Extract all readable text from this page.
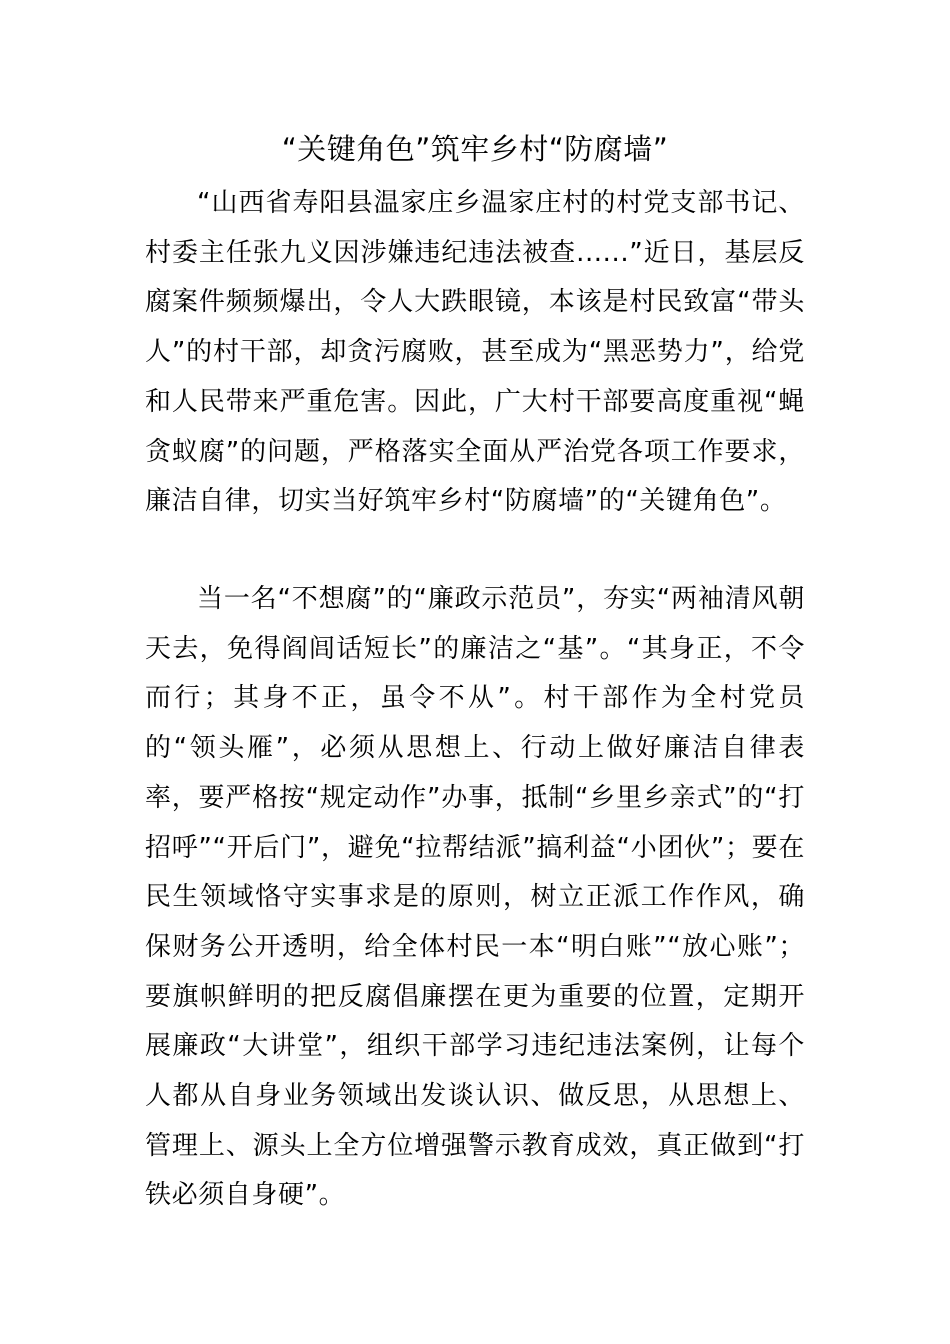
“关键角色”筑牢乡村“防腐墙”

“山西省寿阳县温家庄乡温家庄村的村党支部书记、村委主任张九义因涉嫌违纪违法被查......”近日，基层反腐案件频频爆出，令人大跌眼镜，本该是村民致富“带头人”的村干部，却贪污腐败，甚至成为“黑恶势力”，给党和人民带来严重危害。因此，广大村干部要高度重视“蝇贪蚁腐”的问题，严格落实全面从严治党各项工作要求，廉洁自律，切实当好筑牢乡村“防腐墙”的“关键角色”。

当一名“不想腐”的“廉政示范员”，夯实“两袖清风朝天去，免得阎闾话短长”的廉洁之“基”。“其身正，不令而行；其身不正，虽令不从”。村干部作为全村党员的“领头雁”，必须从思想上、行动上做好廉洁自律表率，要严格按“规定动作”办事，抵制“乡里乡亲式”的“打招呼”“开后门”，避免“拉帮结派”搞利益“小团伙”；要在民生领域恪守实事求是的原则，树立正派工作作风，确保财务公开透明，给全体村民一本“明白账”“放心账”；要旗帜鲜明的把反腐倡廉摆在更为重要的位置，定期开展廉政“大讲堂”，组织干部学习违纪违法案例，让每个人都从自身业务领域出发谈认识、做反思，从思想上、管理上、源头上全方位增强警示教育成效，真正做到“打铁必须自身硬”。
